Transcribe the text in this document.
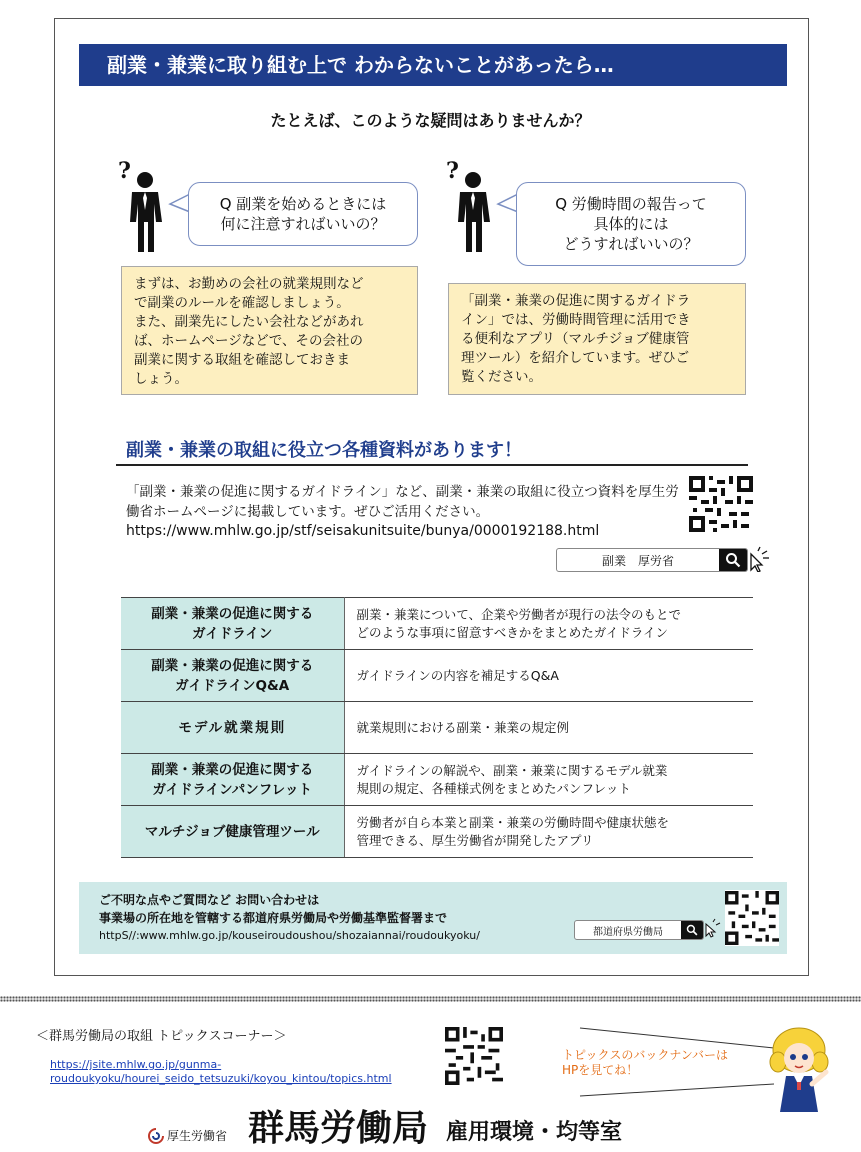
副業・兼業に取り組む上で わからないことがあったら…
たとえば、このような疑問はありませんか？
?
Q 副業を始めるときには
何に注意すればいいの？
まずは、お勤めの会社の就業規則など
で副業のルールを確認しましょう。
また、副業先にしたい会社などがあれ
ば、ホームページなどで、その会社の
副業に関する取組を確認しておきま
しょう。
?
Q 労働時間の報告って
具体的には
どうすればいいの？
「副業・兼業の促進に関するガイドラ
イン」では、労働時間管理に活用でき
る便利なアプリ（マルチジョブ健康管
理ツール）を紹介しています。ぜひご
覧ください。
副業・兼業の取組に役立つ各種資料があります！
「副業・兼業の促進に関するガイドライン」など、副業・兼業の取組に役立つ資料を厚生労働省ホームページに掲載しています。ぜひご活用ください。
https://www.mhlw.go.jp/stf/seisakunitsuite/bunya/0000192188.html
副業　厚労省
副業・兼業の促進に関する
ガイドライン	副業・兼業について、企業や労働者が現行の法令のもとで
どのような事項に留意すべきかをまとめたガイドライン
副業・兼業の促進に関する
ガイドラインQ&A	ガイドラインの内容を補足するQ&A
モデル就業規則	就業規則における副業・兼業の規定例
副業・兼業の促進に関する
ガイドラインパンフレット	ガイドラインの解説や、副業・兼業に関するモデル就業
規則の規定、各種様式例をまとめたパンフレット
マルチジョブ健康管理ツール	労働者が自ら本業と副業・兼業の労働時間や健康状態を
管理できる、厚生労働省が開発したアプリ
ご不明な点やご質問など お問い合わせは
事業場の所在地を管轄する都道府県労働局や労働基準監督署まで
httpS//:www.mhlw.go.jp/kouseiroudoushou/shozaiannai/roudoukyoku/	都道府県労働局
＜群馬労働局の取組 トピックスコーナー＞
https://jsite.mhlw.go.jp/gunma-
roudoukyoku/hourei_seido_tetsuzuki/koyou_kintou/topics.html
トピックスのバックナンバーは
HPを見てね！
厚生労働省 群馬労働局 雇用環境・均等室
